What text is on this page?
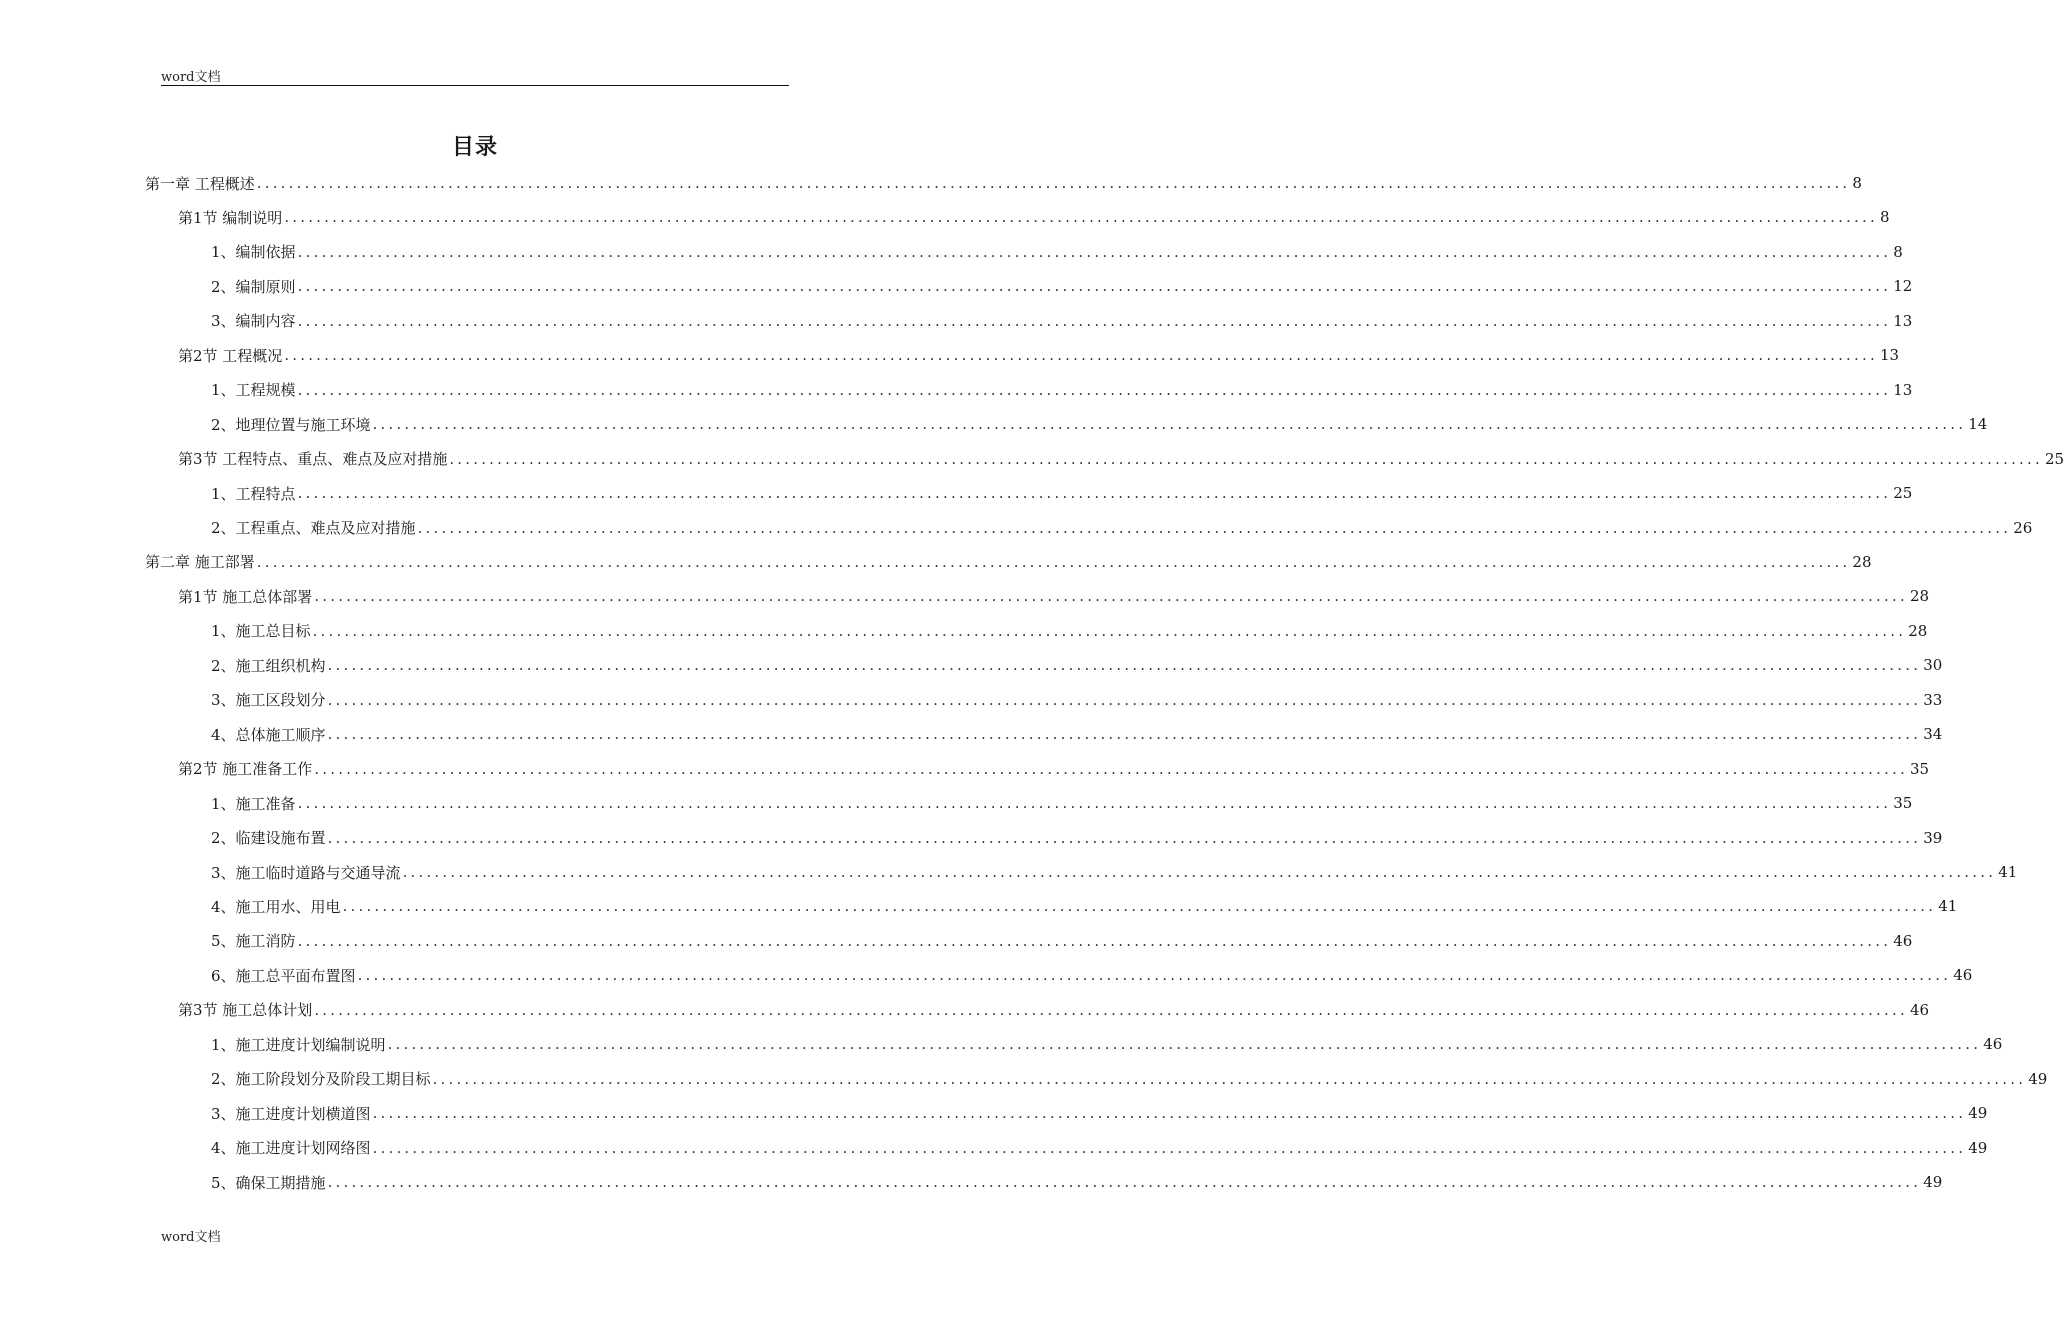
word文档
目录
第一章 工程概述 ........................................................................................................................................................................................................ 8
第1节 编制说明 ........................................................................................................................................................................................................ 8
1、 编制依据 ........................................................................................................................................................................................................ 8
2、 编制原则 ........................................................................................................................................................................................................ 12
3、 编制内容 ........................................................................................................................................................................................................ 13
第2节 工程概况 ........................................................................................................................................................................................................ 13
1、 工程规模 ........................................................................................................................................................................................................ 13
2、 地理位置与施工环境 ........................................................................................................................................................................................................ 14
第3节 工程特点、重点、难点及应对措施 ........................................................................................................................................................................................................ 25
1、 工程特点 ........................................................................................................................................................................................................ 25
2、 工程重点、难点及应对措施 ........................................................................................................................................................................................................ 26
第二章 施工部署 ........................................................................................................................................................................................................ 28
第1节 施工总体部署 ........................................................................................................................................................................................................ 28
1、 施工总目标 ........................................................................................................................................................................................................ 28
2、 施工组织机构 ........................................................................................................................................................................................................ 30
3、 施工区段划分 ........................................................................................................................................................................................................ 33
4、 总体施工顺序 ........................................................................................................................................................................................................ 34
第2节 施工准备工作 ........................................................................................................................................................................................................ 35
1、 施工准备 ........................................................................................................................................................................................................ 35
2、 临建设施布置 ........................................................................................................................................................................................................ 39
3、 施工临时道路与交通导流 ........................................................................................................................................................................................................ 41
4、 施工用水、用电 ........................................................................................................................................................................................................ 41
5、 施工消防 ........................................................................................................................................................................................................ 46
6、 施工总平面布置图 ........................................................................................................................................................................................................ 46
第3节 施工总体计划 ........................................................................................................................................................................................................ 46
1、 施工进度计划编制说明 ........................................................................................................................................................................................................ 46
2、 施工阶段划分及阶段工期目标 ........................................................................................................................................................................................................ 49
3、 施工进度计划横道图 ........................................................................................................................................................................................................ 49
4、 施工进度计划网络图 ........................................................................................................................................................................................................ 49
5、 确保工期措施 ........................................................................................................................................................................................................ 49
word文档
